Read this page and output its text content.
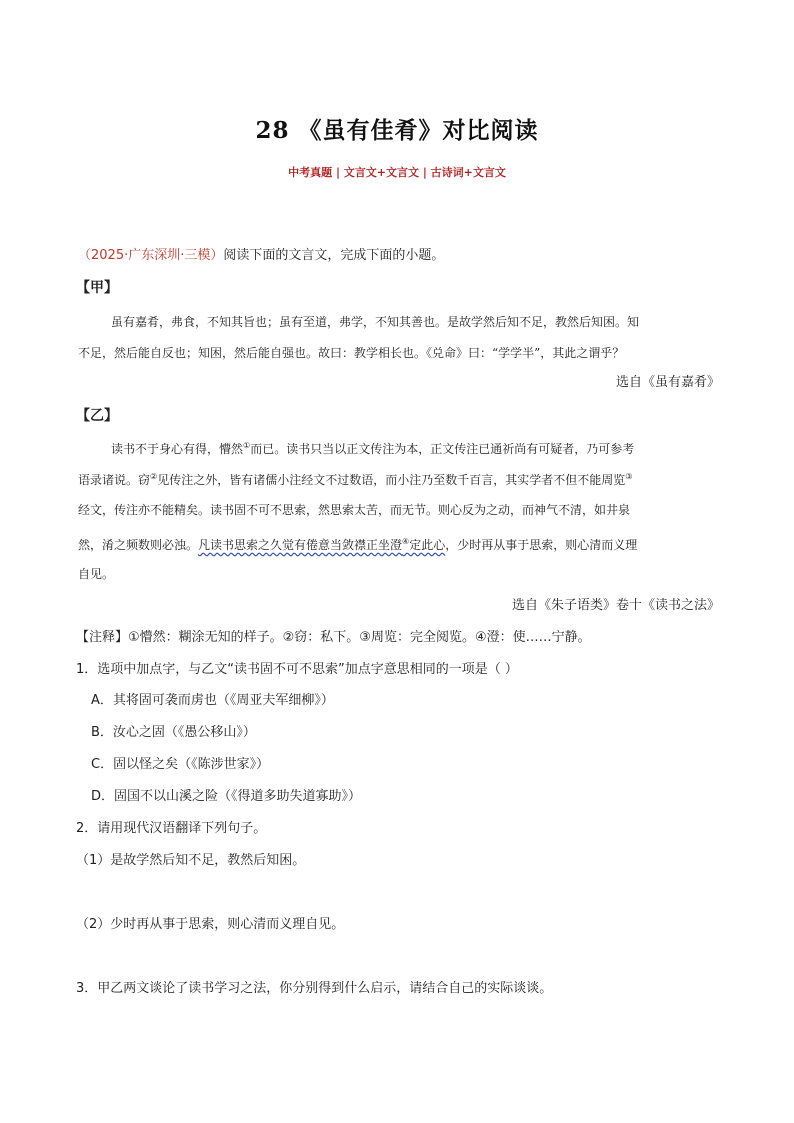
28 《虽有佳肴》对比阅读
中考真题 | 文言文+文言文 | 古诗词+文言文
（2025·广东深圳·三模）阅读下面的文言文，完成下面的小题。
【甲】
虽有嘉肴，弗食，不知其旨也；虽有至道，弗学，不知其善也。是故学然后知不足，教然后知困。知
不足，然后能自反也；知困，然后能自强也。故曰：教学相长也。《兑命》曰：“学学半”，其此之谓乎？
选自《虽有嘉肴》
【乙】
读书不于身心有得，懵然①而已。读书只当以正文传注为本，正文传注已通祈尚有可疑者，乃可参考
语录诸说。窃②见传注之外，皆有诸儒小注经文不过数语，而小注乃至数千百言，其实学者不但不能周览③
经文，传注亦不能精矣。读书固不可不思索，然思索太苦，而无节。则心反为之动，而神气不清，如井泉
然，淆之频数则必浊。凡读书思索之久觉有倦意当敛襟正坐澄④定此心，少时再从事于思索，则心清而义理
自见。
选自《朱子语类》卷十《读书之法》
【注释】①懵然：糊涂无知的样子。②窃：私下。③周览：完全阅览。④澄：使……宁静。
1．选项中加点字，与乙文“读书固不可不思索”加点字意思相同的一项是（ ）
A．其将固可袭而虏也（《周亚夫军细柳》）
B．汝心之固（《愚公移山》）
C．固以怪之矣（《陈涉世家》）
D．固国不以山溪之险（《得道多助失道寡助》）
2．请用现代汉语翻译下列句子。
（1）是故学然后知不足，教然后知困。
（2）少时再从事于思索，则心清而义理自见。
3．甲乙两文谈论了读书学习之法，你分别得到什么启示，请结合自己的实际谈谈。
